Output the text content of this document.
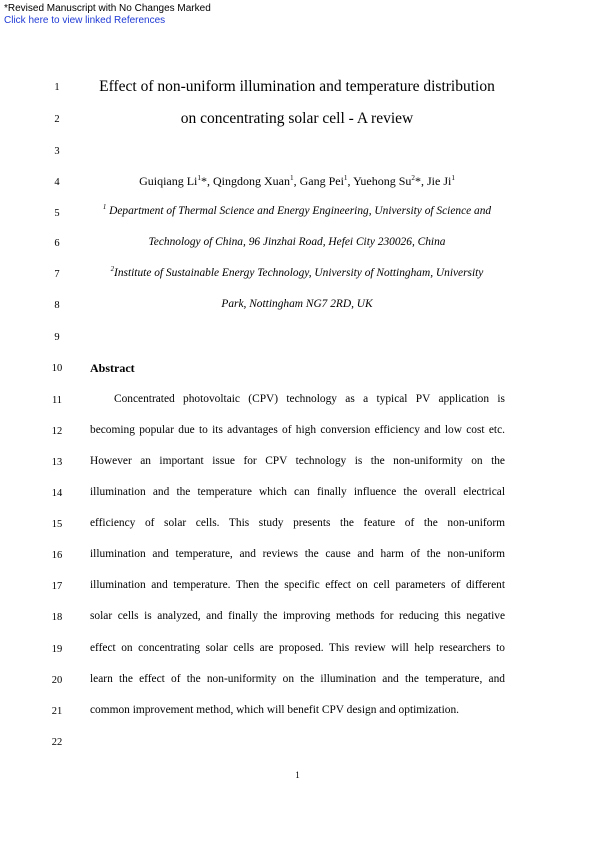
*Revised Manuscript with No Changes Marked
Click here to view linked References
1
2
3
4
5
6
7
8
9
10
11
12
13
14
15
16
17
18
19
20
21
22
Effect of non-uniform illumination and temperature distribution
on concentrating solar cell - A review
Guiqiang Li$^1$*, Qingdong Xuan$^1$, Gang Pei$^1$, Yuehong Su$^2$*, Jie Ji$^1$
$^1$ Department of Thermal Science and Energy Engineering, University of Science and
Technology of China, 96 Jinzhai Road, Hefei City 230026, China
$^2$Institute of Sustainable Energy Technology, University of Nottingham, University
Park, Nottingham NG7 2RD, UK
Abstract
Concentrated photovoltaic (CPV) technology as a typical PV application is
becoming popular due to its advantages of high conversion efficiency and low cost etc.
However an important issue for CPV technology is the non-uniformity on the
illumination and the temperature which can finally influence the overall electrical
efficiency of solar cells. This study presents the feature of the non-uniform
illumination and temperature, and reviews the cause and harm of the non-uniform
illumination and temperature. Then the specific effect on cell parameters of different
solar cells is analyzed, and finally the improving methods for reducing this negative
effect on concentrating solar cells are proposed. This review will help researchers to
learn the effect of the non-uniformity on the illumination and the temperature, and
common improvement method, which will benefit CPV design and optimization.
1
